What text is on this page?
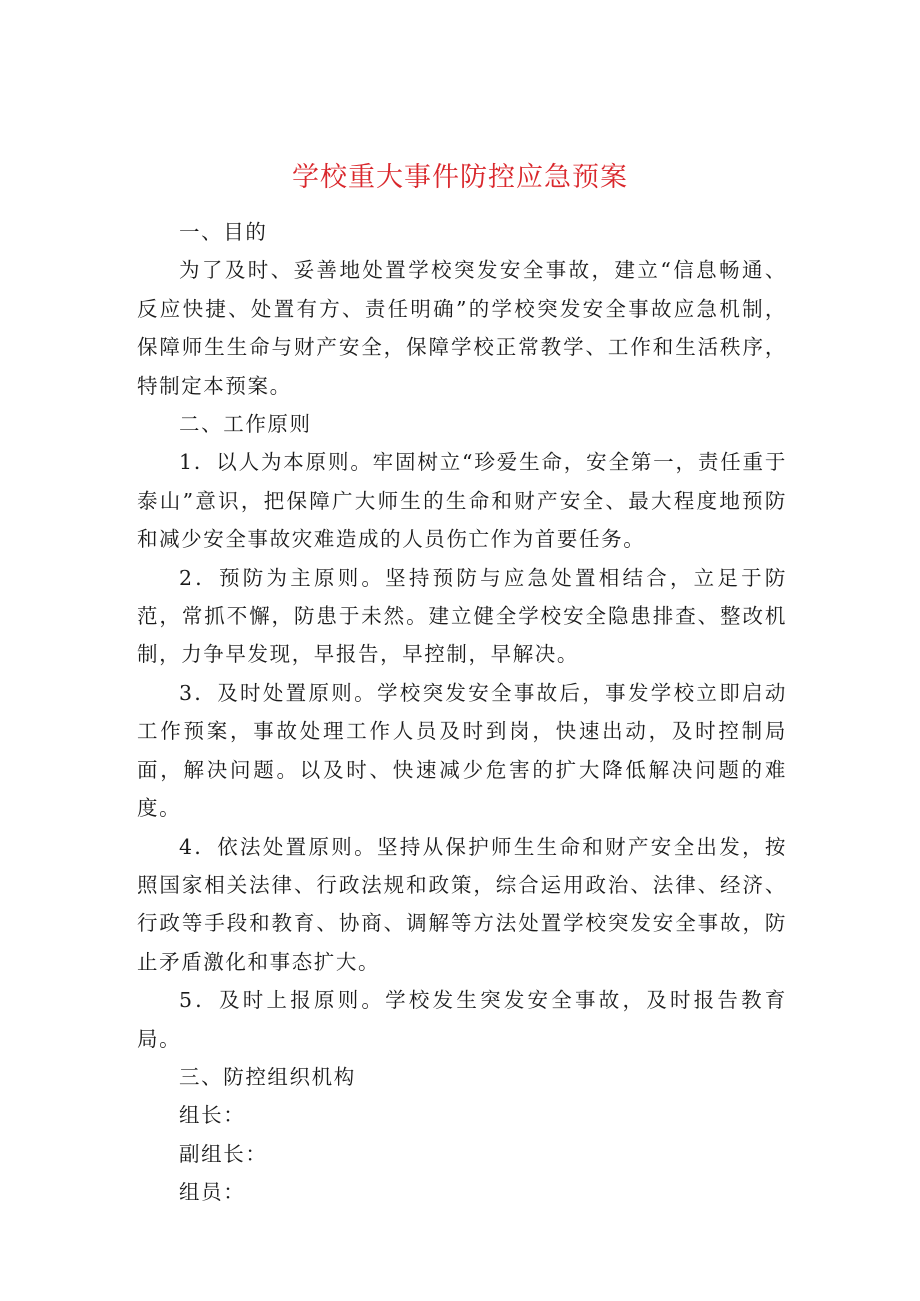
学校重大事件防控应急预案

一、目的

为了及时、妥善地处置学校突发安全事故，建立“信息畅通、反应快捷、处置有方、责任明确”的学校突发安全事故应急机制，保障师生生命与财产安全，保障学校正常教学、工作和生活秩序，特制定本预案。

二、工作原则

1．以人为本原则。牢固树立“珍爱生命，安全第一，责任重于泰山”意识，把保障广大师生的生命和财产安全、最大程度地预防和减少安全事故灾难造成的人员伤亡作为首要任务。

2．预防为主原则。坚持预防与应急处置相结合，立足于防范，常抓不懈，防患于未然。建立健全学校安全隐患排查、整改机制，力争早发现，早报告，早控制，早解决。

3．及时处置原则。学校突发安全事故后，事发学校立即启动工作预案，事故处理工作人员及时到岗，快速出动，及时控制局面，解决问题。以及时、快速减少危害的扩大降低解决问题的难度。

4．依法处置原则。坚持从保护师生生命和财产安全出发，按照国家相关法律、行政法规和政策，综合运用政治、法律、经济、行政等手段和教育、协商、调解等方法处置学校突发安全事故，防止矛盾激化和事态扩大。

5．及时上报原则。学校发生突发安全事故，及时报告教育局。

三、防控组织机构

组长：

副组长：

组员：
